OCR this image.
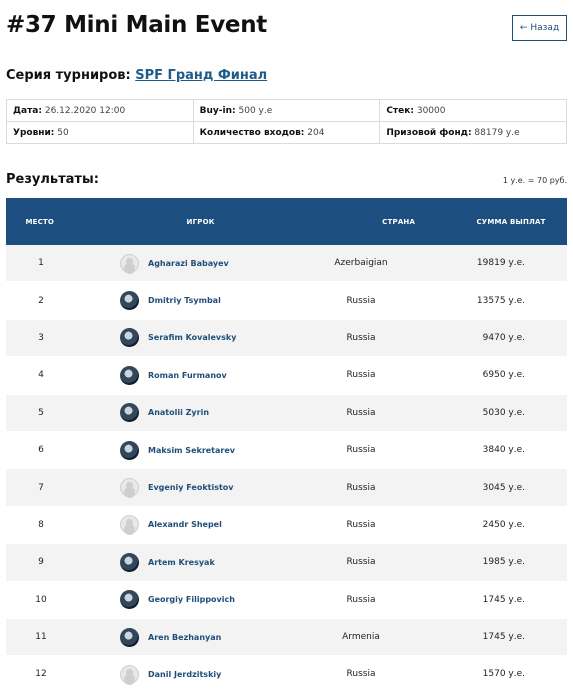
#37 Mini Main Event	← Назад
Серия турниров: SPF Гранд Финал
Дата: 26.12.2020 12:00	Buy-in: 500 у.е	Стек: 30000
Уровни: 50	Количество входов: 204	Призовой фонд: 88179 у.е
Результаты:	1 у.е. = 70 руб.
МЕСТО	ИГРОК	СТРАНА	СУММА ВЫПЛАТ
1	Agharazi Babayev	Azerbaigian	19819 у.е.
2	Dmitriy Tsymbal	Russia	13575 у.е.
3	Serafim Kovalevsky	Russia	9470 у.е.
4	Roman Furmanov	Russia	6950 у.е.
5	Anatolii Zyrin	Russia	5030 у.е.
6	Maksim Sekretarev	Russia	3840 у.е.
7	Evgeniy Feoktistov	Russia	3045 у.е.
8	Alexandr Shepel	Russia	2450 у.е.
9	Artem Kresyak	Russia	1985 у.е.
10	Georgiy Filippovich	Russia	1745 у.е.
11	Aren Bezhanyan	Armenia	1745 у.е.
12	Danil Jerdzitskiy	Russia	1570 у.е.
